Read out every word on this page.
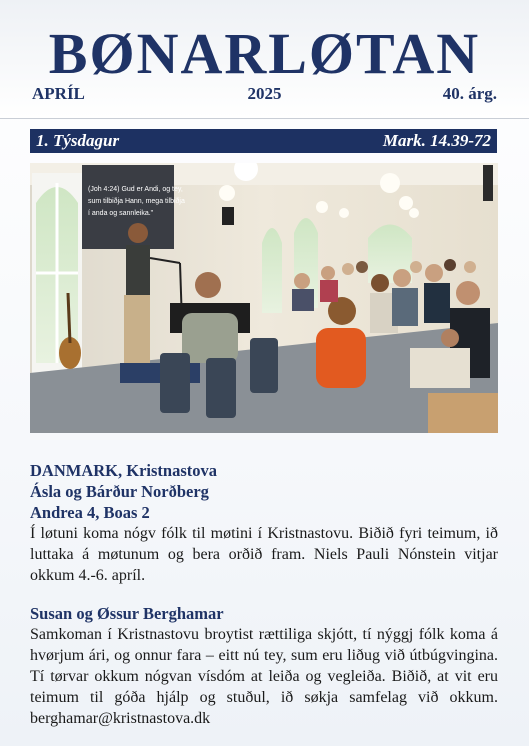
BØNARLØTAN
APRÍL	2025	40. árg.
1. Týsdagur	Mark. 14.39-72
(Joh 4:24) Gud er Andi, og tey,
sum tilbiðja Hann, mega tilbiðja
í anda og sannleika."

DANMARK, Kristnastova

Ásla og Bárður Norðberg

Andrea 4, Boas 2

Í løtuni koma nógv fólk til møtini í Kristnastovu. Biðið fyri teimum, ið luttaka á møtunum og bera orðið fram. Niels Pauli Nónstein vitjar okkum 4.-6. apríl.

Susan og Øssur Berghamar

Samkoman í Kristnastovu broytist rættiliga skjótt, tí nýggj fólk koma á hvørjum ári, og onnur fara – eitt nú tey, sum eru liðug við útbúgvingina. Tí tørvar okkum nógvan vísdóm at leiða og vegleiða. Biðið, at vit eru teimum til góða hjálp og stuðul, ið søkja samfelag við okkum. berghamar@kristnastova.dk
